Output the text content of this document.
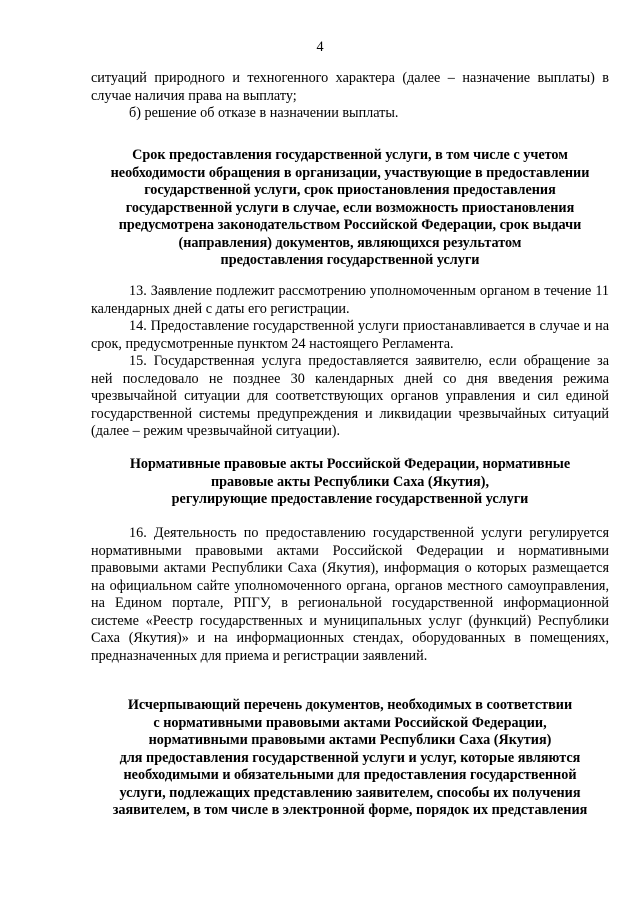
4

ситуаций природного и техногенного характера (далее – назначение выплаты) в случае наличия права на выплату;

б) решение об отказе в назначении выплаты.

Срок предоставления государственной услуги, в том числе с учетом
необходимости обращения в организации, участвующие в предоставлении
государственной услуги, срок приостановления предоставления
государственной услуги в случае, если возможность приостановления
предусмотрена законодательством Российской Федерации, срок выдачи
(направления) документов, являющихся результатом
предоставления государственной услуги

13. Заявление подлежит рассмотрению уполномоченным органом в течение 11 календарных дней с даты его регистрации.

14. Предоставление государственной услуги приостанавливается в случае и на срок, предусмотренные пунктом 24 настоящего Регламента.

15. Государственная услуга предоставляется заявителю, если обращение за ней последовало не позднее 30 календарных дней со дня введения режима чрезвычайной ситуации для соответствующих органов управления и сил единой государственной системы предупреждения и ликвидации чрезвычайных ситуаций (далее – режим чрезвычайной ситуации).

Нормативные правовые акты Российской Федерации, нормативные
правовые акты Республики Саха (Якутия),
регулирующие предоставление государственной услуги

16. Деятельность по предоставлению государственной услуги регулируется нормативными правовыми актами Российской Федерации и нормативными правовыми актами Республики Саха (Якутия), информация о которых размещается на официальном сайте уполномоченного органа, органов местного самоуправления, на Едином портале, РПГУ, в региональной государственной информационной системе «Реестр государственных и муниципальных услуг (функций) Республики Саха (Якутия)» и на информационных стендах, оборудованных в помещениях, предназначенных для приема и регистрации заявлений.

Исчерпывающий перечень документов, необходимых в соответствии
с нормативными правовыми актами Российской Федерации,
нормативными правовыми актами Республики Саха (Якутия)
для предоставления государственной услуги и услуг, которые являются
необходимыми и обязательными для предоставления государственной
услуги, подлежащих представлению заявителем, способы их получения
заявителем, в том числе в электронной форме, порядок их представления
